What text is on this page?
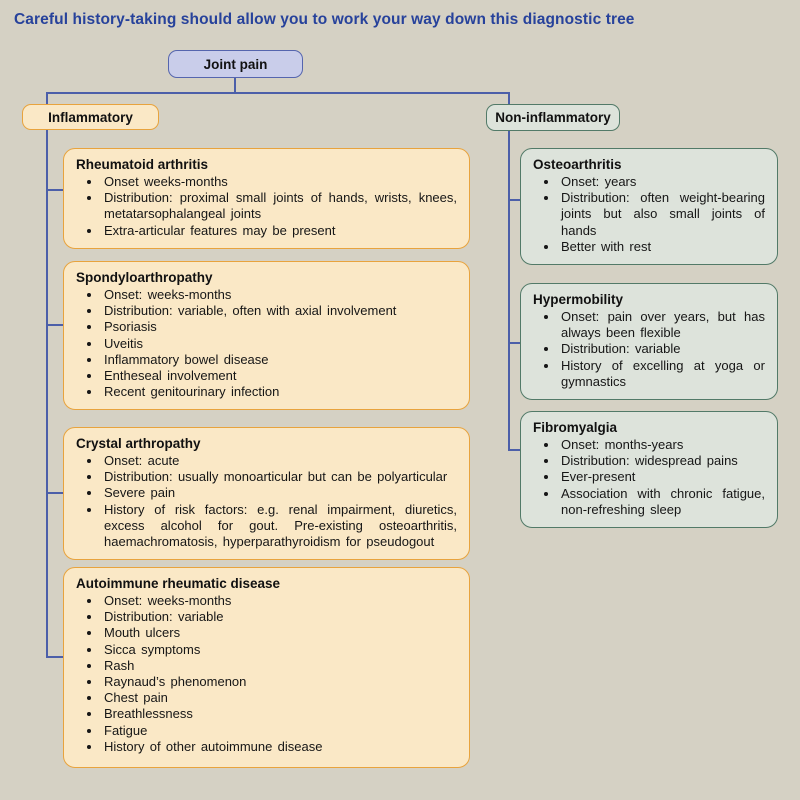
Careful history-taking should allow you to work your way down this diagnostic tree
Joint pain
Inflammatory	Non-inflammatory
Rheumatoid arthritis
• Onset weeks-months
• Distribution: proximal small joints of hands, wrists, knees, metatarsophalangeal joints
• Extra-articular features may be present
Spondyloarthropathy
• Onset: weeks-months
• Distribution: variable, often with axial involvement
• Psoriasis
• Uveitis
• Inflammatory bowel disease
• Entheseal involvement
• Recent genitourinary infection
Crystal arthropathy
• Onset: acute
• Distribution: usually monoarticular but can be polyarticular
• Severe pain
• History of risk factors: e.g. renal impairment, diuretics, excess alcohol for gout. Pre-existing osteoarthritis, haemachromatosis, hyperparathyroidism for pseudogout
Autoimmune rheumatic disease
• Onset: weeks-months
• Distribution: variable
• Mouth ulcers
• Sicca symptoms
• Rash
• Raynaud’s phenomenon
• Chest pain
• Breathlessness
• Fatigue
• History of other autoimmune disease
Osteoarthritis
• Onset: years
• Distribution: often weight-bearing joints but also small joints of hands
• Better with rest
Hypermobility
• Onset: pain over years, but has always been flexible
• Distribution: variable
• History of excelling at yoga or gymnastics
Fibromyalgia
• Onset: months-years
• Distribution: widespread pains
• Ever-present
• Association with chronic fatigue, non-refreshing sleep
